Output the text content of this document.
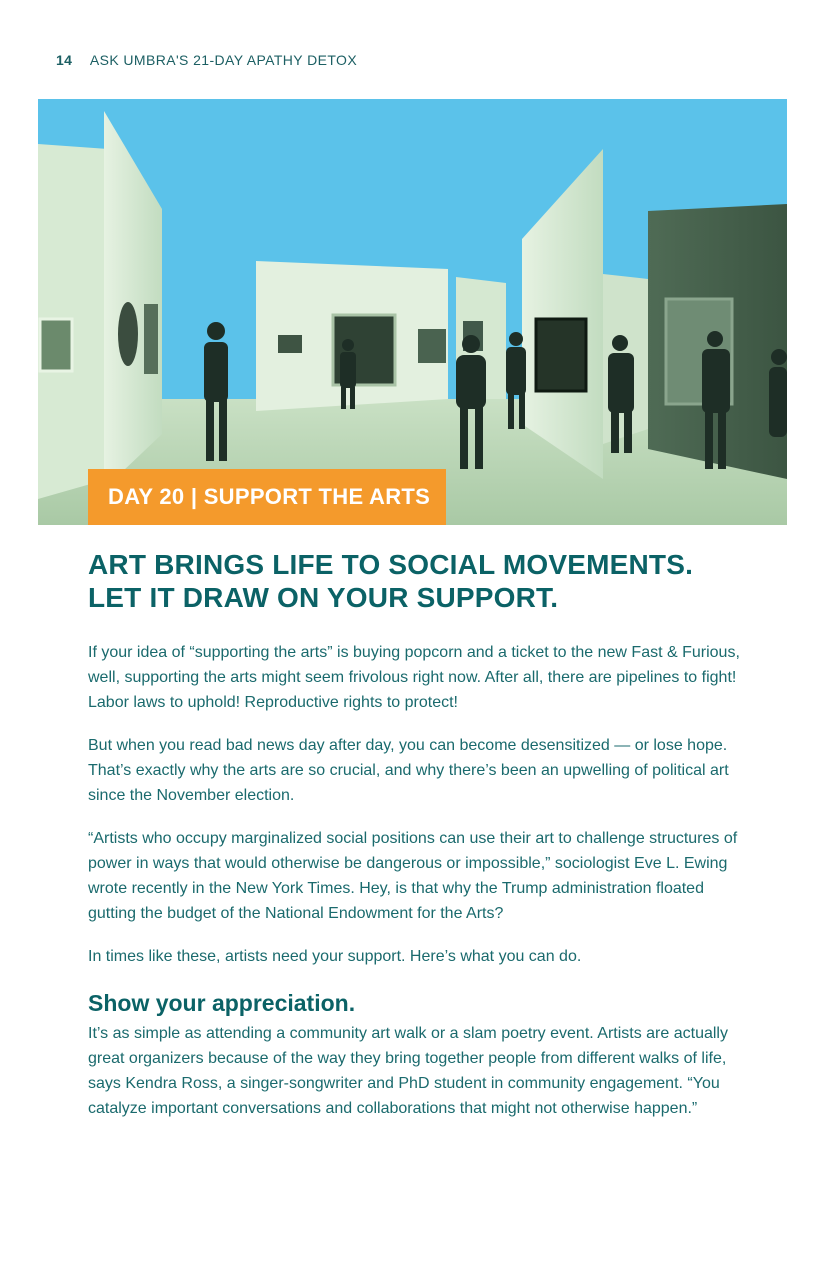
14 ASK UMBRA'S 21-DAY APATHY DETOX
DAY 20 | SUPPORT THE ARTS
ART BRINGS LIFE TO SOCIAL MOVEMENTS.
LET IT DRAW ON YOUR SUPPORT.

If your idea of “supporting the arts” is buying popcorn and a ticket to the new Fast & Furious, well, supporting the arts might seem frivolous right now. After all, there are pipelines to fight! Labor laws to uphold! Reproductive rights to protect!

But when you read bad news day after day, you can become desensitized — or lose hope. That’s exactly why the arts are so crucial, and why there’s been an upwelling of political art since the November election.

“Artists who occupy marginalized social positions can use their art to challenge structures of power in ways that would otherwise be dangerous or impossible,” sociologist Eve L. Ewing wrote recently in the New York Times. Hey, is that why the Trump administration floated gutting the budget of the National Endowment for the Arts?

In times like these, artists need your support. Here’s what you can do.

Show your appreciation.

It’s as simple as attending a community art walk or a slam poetry event. Artists are actually great organizers because of the way they bring together people from different walks of life, says Kendra Ross, a singer-songwriter and PhD student in community engagement. “You catalyze important conversations and collaborations that might not otherwise happen.”
